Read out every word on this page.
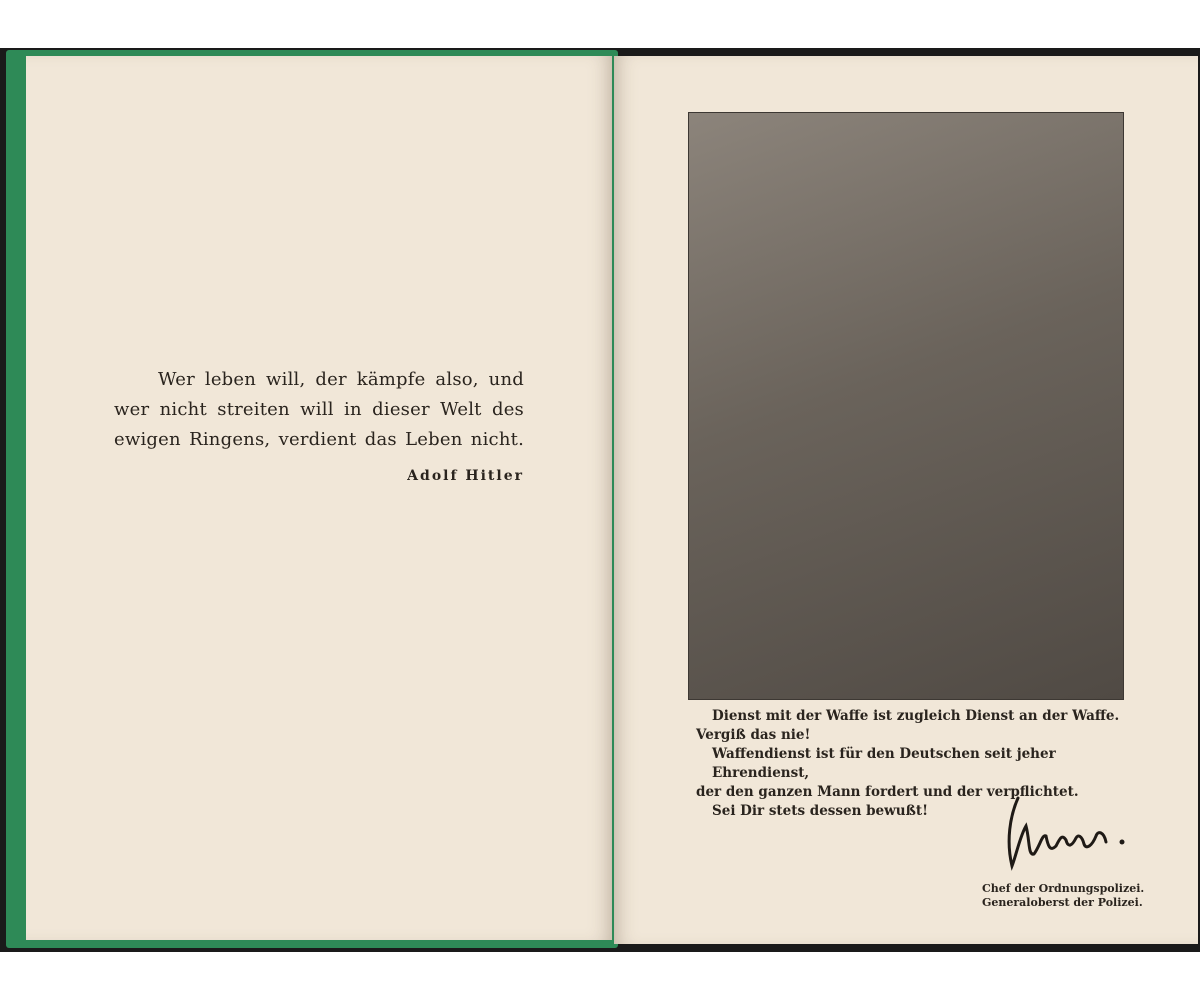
Wer leben will, der kämpfe also, und

wer nicht streiten will in dieser Welt des

ewigen Ringens, verdient das Leben nicht.

Adolf Hitler

Dienst mit der Waffe ist zugleich Dienst an der Waffe.

Vergiß das nie!

Waffendienst ist für den Deutschen seit jeher Ehrendienst,

der den ganzen Mann fordert und der verpflichtet.

Sei Dir stets dessen bewußt!

Chef der Ordnungspolizei.

Generaloberst der Polizei.
